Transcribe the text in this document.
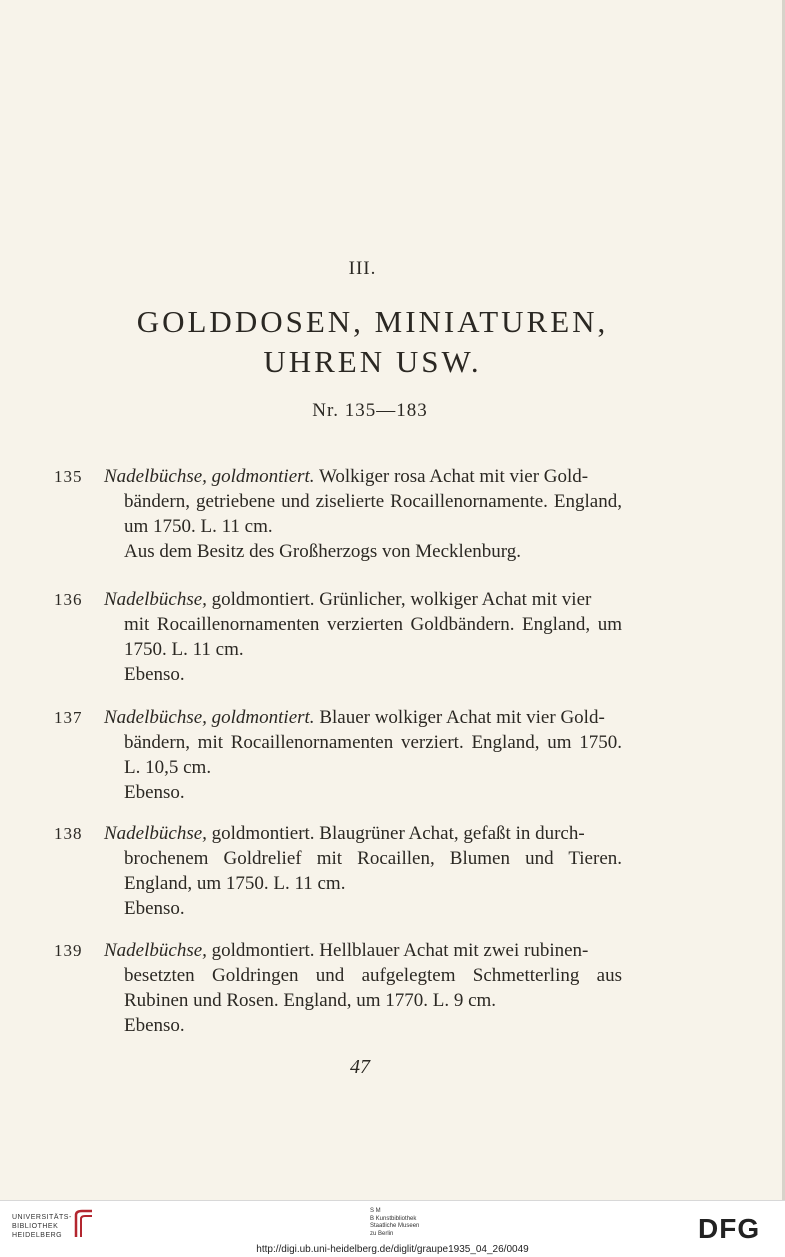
III.
GOLDDOSEN, MINIATUREN,
UHREN USW.
Nr. 135—183
135	Nadelbüchse, goldmontiert. Wolkiger rosa Achat mit vier Gold-
bändern, getriebene und ziselierte Rocaillenornamente. England, um 1750. L. 11 cm.
Aus dem Besitz des Großherzogs von Mecklenburg.
136	Nadelbüchse, goldmontiert. Grünlicher, wolkiger Achat mit vier
mit Rocaillenornamenten verzierten Goldbändern. England, um 1750. L. 11 cm.
Ebenso.
137	Nadelbüchse, goldmontiert. Blauer wolkiger Achat mit vier Gold-
bändern, mit Rocaillenornamenten verziert. England, um 1750. L. 10,5 cm.
Ebenso.
138	Nadelbüchse, goldmontiert. Blaugrüner Achat, gefaßt in durch-
brochenem Goldrelief mit Rocaillen, Blumen und Tieren. England, um 1750. L. 11 cm.
Ebenso.
139	Nadelbüchse, goldmontiert. Hellblauer Achat mit zwei rubinen-
besetzten Goldringen und aufgelegtem Schmetterling aus Rubinen und Rosen. England, um 1770. L. 9 cm.
Ebenso.
47
UNIVERSITÄTS-
BIBLIOTHEK
HEIDELBERG
S M
B Kunstbibliothek
Staatliche Museen
zu Berlin	DFG
http://digi.ub.uni-heidelberg.de/diglit/graupe1935_04_26/0049
